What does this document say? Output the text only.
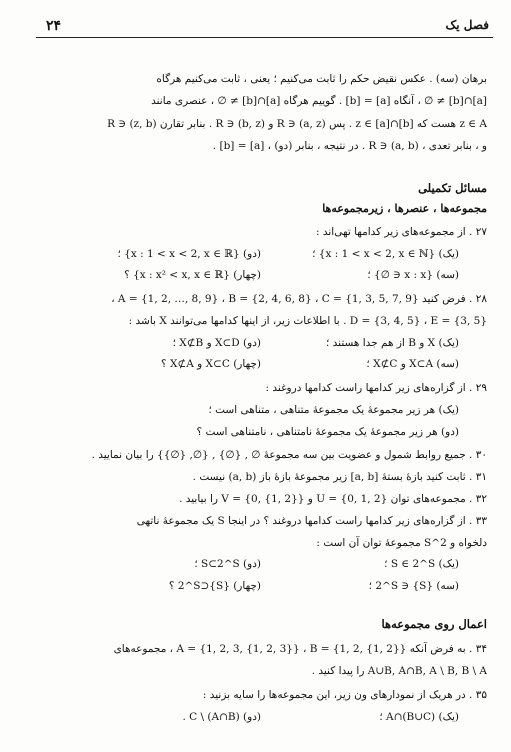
فصل یک
۲۴
برهان (سه) . عکس نقیض حکم را ثابت می‌کنیم ؛ یعنی ، ثابت می‌کنیم هرگاه
[a]∩[b] ≠ ∅ ، آنگاه [a] = [b] . گوییم هرگاه [a]∩[b] ≠ ∅ ، عنصری مانند
z ∈ A هست که z ∈ [a]∩[b] . پس (a, z) ∈ R و (b, z) ∈ R . بنابر تقارن (z, b) ∈ R
و ، بنابر تعدی ، (a, b) ∈ R . در نتیجه ، بنابر (دو) ، [a] = [b] .
مسائل تکمیلی
مجموعه‌ها ، عنصرها ، زیرمجموعه‌ها
۲۷ . از مجموعه‌های زیر کدامها تهی‌اند :
(یک) {x : 1 < x < 2, x ∈ ℕ} ؛
(دو) {x : 1 < x < 2, x ∈ ℝ} ؛
(سه) {x : x ∈ ∅} ؛
(چهار) {x : x² < x, x ∈ ℝ} ؟
۲۸ . فرض کنید A = {1, 2, …, 8, 9} ، B = {2, 4, 6, 8} ، C = {1, 3, 5, 7, 9} ،
D = {3, 4, 5} ، E = {3, 5} . با اطلاعات زیر، از اینها کدامها می‌توانند X باشد :
(یک) X و B از هم جدا هستند ؛
(دو) X⊂D و X⊄B ؛
(سه) X⊂A و X⊄C ؛
(چهار) X⊂C و X⊄A ؟
۲۹ . از گزاره‌های زیر کدامها راست کدامها دروغند :
(یک) هر زیر مجموعهٔ یک مجموعهٔ متناهی ، متناهی است ؛
(دو) هر زیر مجموعهٔ یک مجموعهٔ نامتناهی ، نامتناهی است ؟
۳۰ . جمیع روابط شمول و عضویت بین سه مجموعهٔ ∅ , {∅} , {∅, {∅}} را بیان نمایید .
۳۱ . ثابت کنید بازهٔ بستهٔ [a, b] زیر مجموعهٔ بازهٔ باز (a, b) نیست .
۳۲ . مجموعه‌های توان U = {0, 1, 2} و V = {0, {1, 2}} را بیابید .
۳۳ . از گزاره‌های زیر کدامها راست کدامها دروغند ؟ در اینجا S یک مجموعهٔ ناتهی
دلخواه و 2^S مجموعهٔ توان آن است :
(یک) S ∈ 2^S ؛
(دو) S⊂2^S ؛
(سه) {S} ∈ 2^S ؛
(چهار) {S}⊂2^S ؟
اعمال روی مجموعه‌ها
۳۴ . به فرض آنکه A = {1, 2, 3, {1, 2, 3}} ، B = {1, 2, {1, 2}} ، مجموعه‌های
A∪B, A∩B, A \ B, B \ A را پیدا کنید .
۳۵ . در هریک از نمودارهای ون زیر، این مجموعه‌ها را سایه بزنید :
(یک) A∩(B∪C) ؛
(دو) C \ (A∩B) .
